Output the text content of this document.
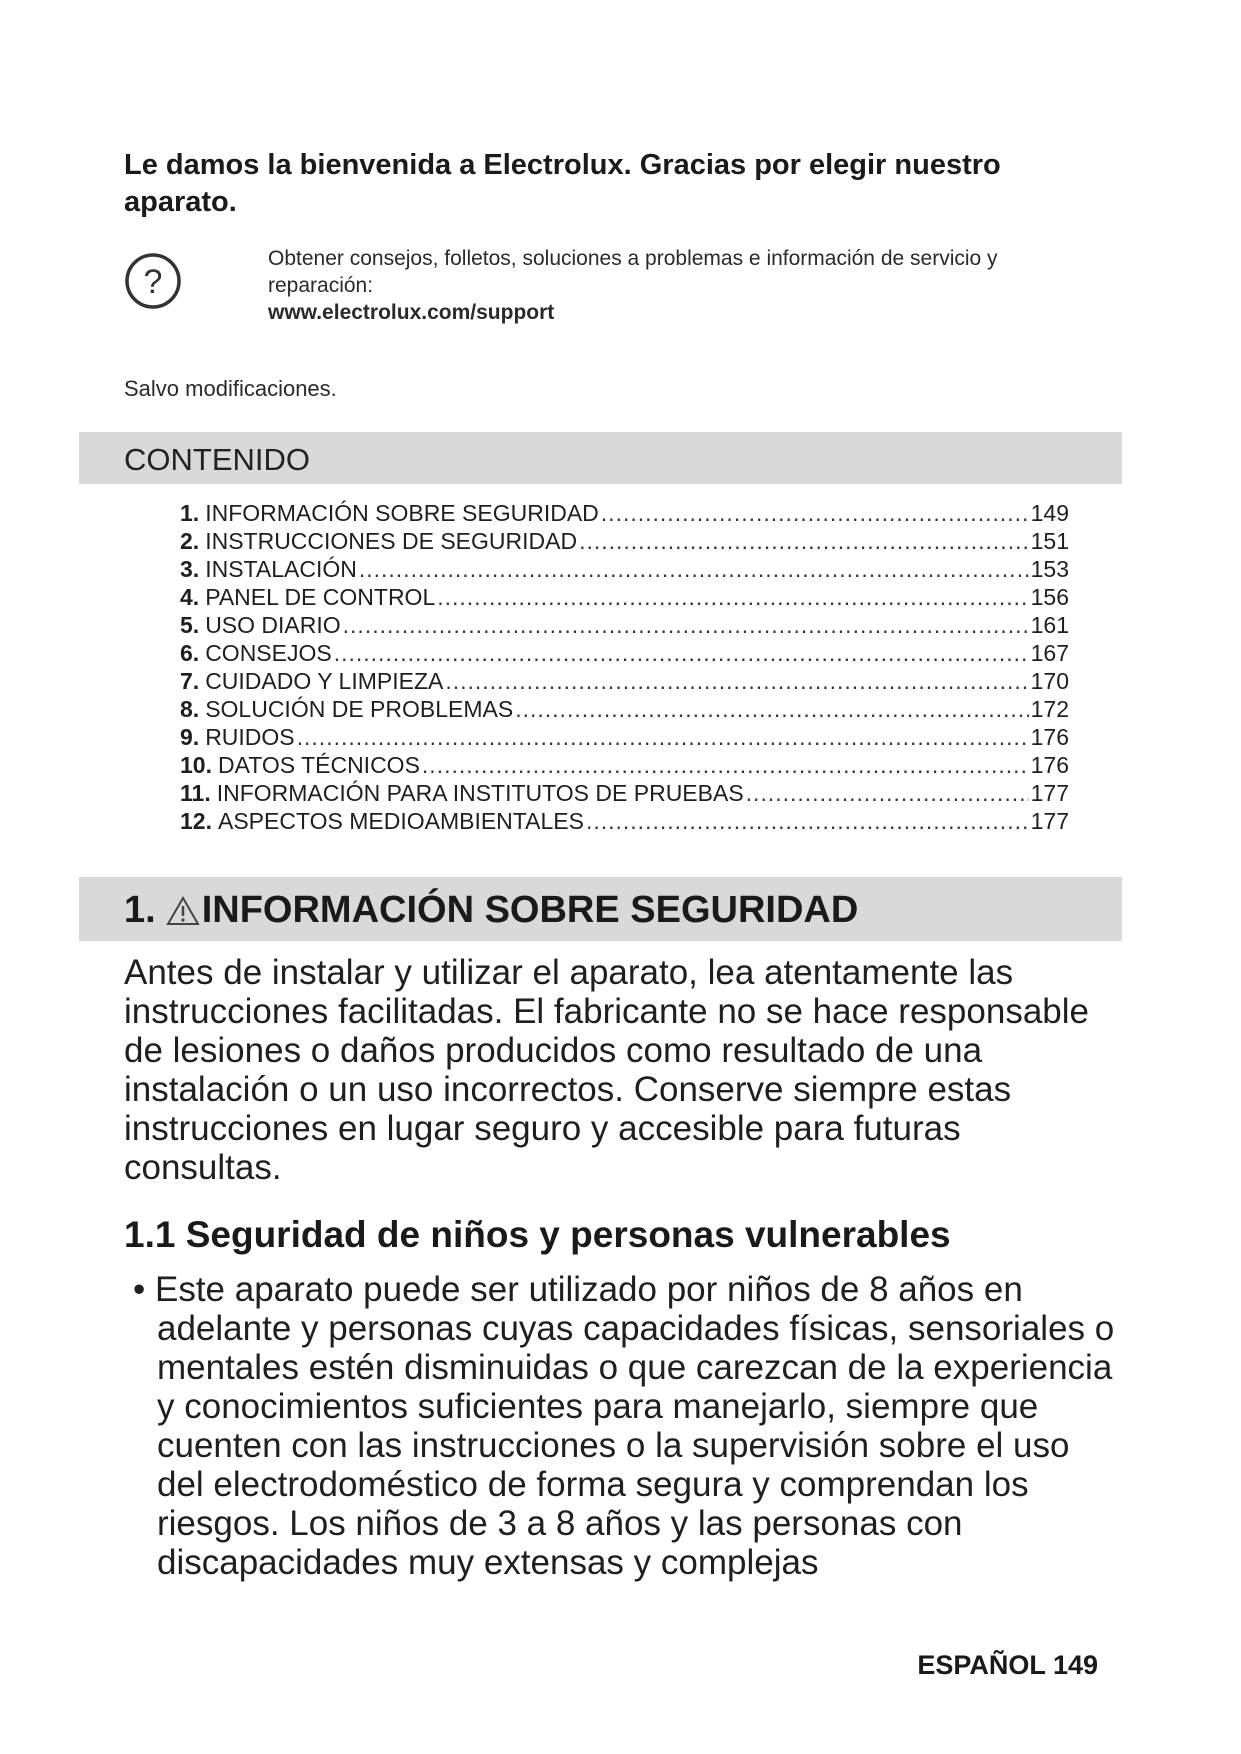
Le damos la bienvenida a Electrolux. Gracias por elegir nuestro aparato.
?
Obtener consejos, folletos, soluciones a problemas e información de servicio y reparación:
www.electrolux.com/support
Salvo modificaciones.
CONTENIDO
1. INFORMACIÓN SOBRE SEGURIDAD .....	149
2. INSTRUCCIONES DE SEGURIDAD .....	151
3. INSTALACIÓN .....	153
4. PANEL DE CONTROL .....	156
5. USO DIARIO .....	161
6. CONSEJOS .....	167
7. CUIDADO Y LIMPIEZA .....	170
8. SOLUCIÓN DE PROBLEMAS .....	172
9. RUIDOS .....	176
10. DATOS TÉCNICOS .....	176
11. INFORMACIÓN PARA INSTITUTOS DE PRUEBAS .....	177
12. ASPECTOS MEDIOAMBIENTALES .....	177
1. INFORMACIÓN SOBRE SEGURIDAD
Antes de instalar y utilizar el aparato, lea atentamente las instrucciones facilitadas. El fabricante no se hace responsable de lesiones o daños producidos como resultado de una instalación o un uso incorrectos. Conserve siempre estas instrucciones en lugar seguro y accesible para futuras consultas.
1.1 Seguridad de niños y personas vulnerables
• Este aparato puede ser utilizado por niños de 8 años en adelante y personas cuyas capacidades físicas, sensoriales o mentales estén disminuidas o que carezcan de la experiencia y conocimientos suficientes para manejarlo, siempre que cuenten con las instrucciones o la supervisión sobre el uso del electrodoméstico de forma segura y comprendan los riesgos. Los niños de 3 a 8 años y las personas con discapacidades muy extensas y complejas
ESPAÑOL 149
